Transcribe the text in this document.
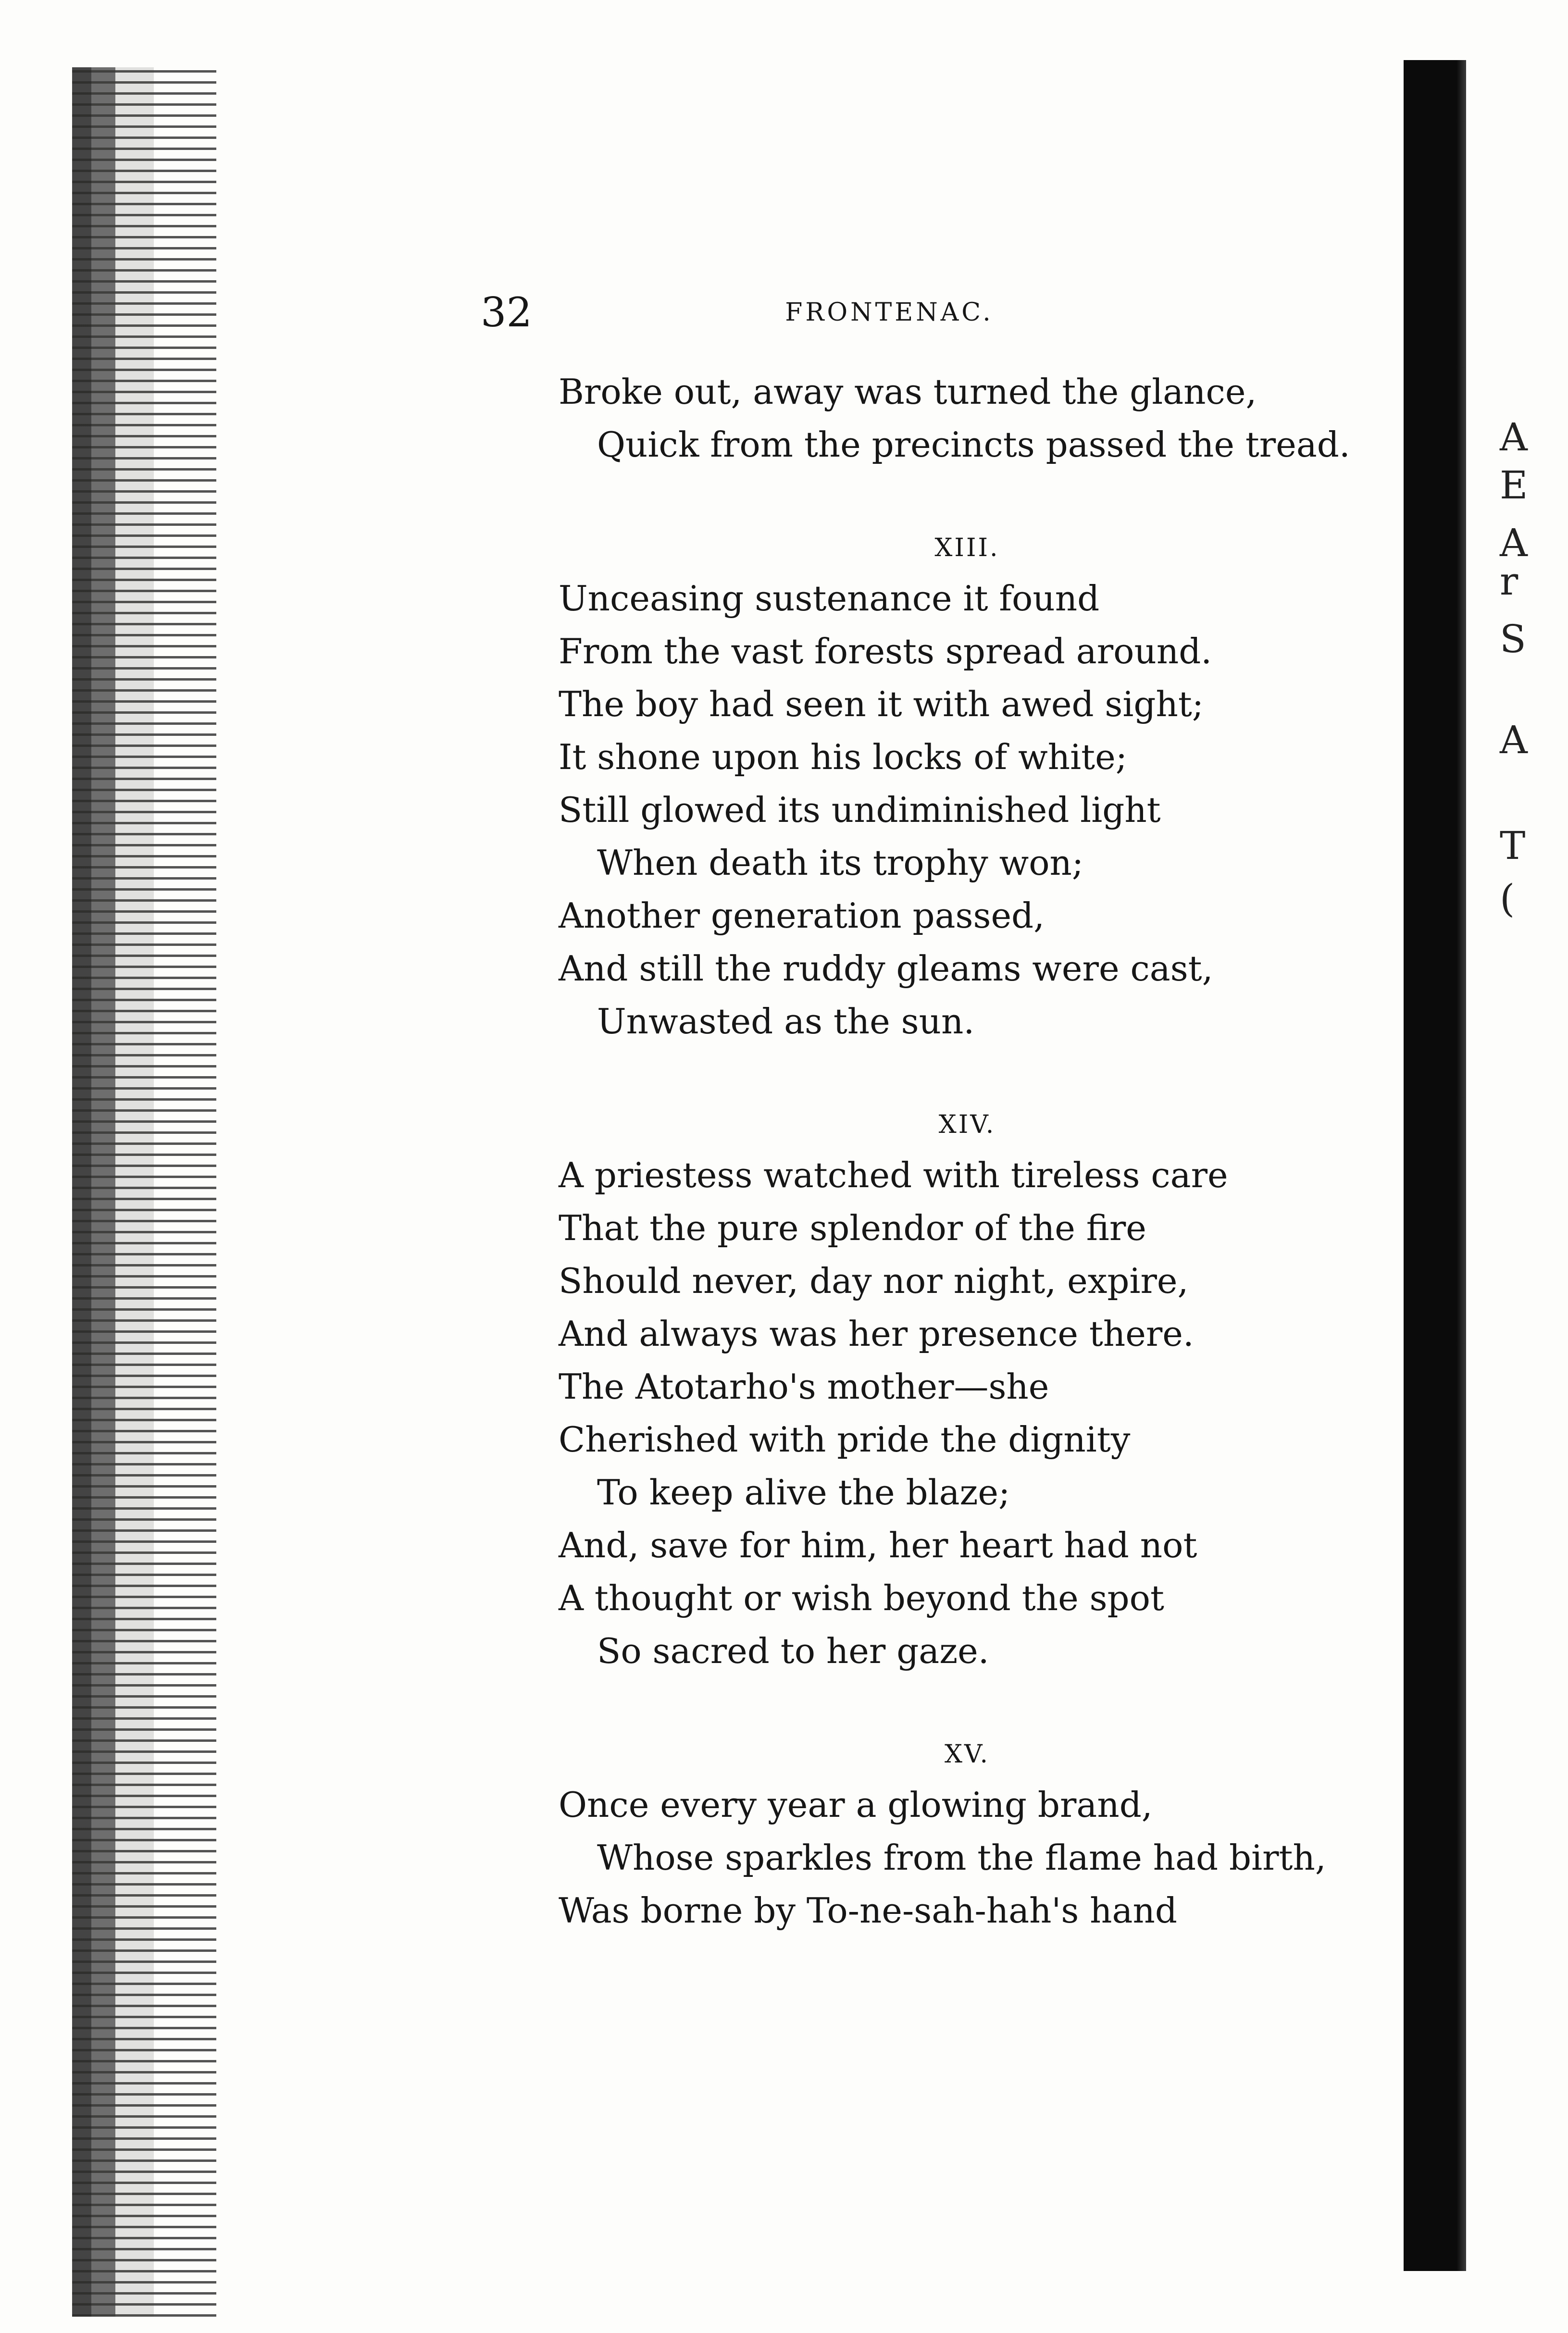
A
E
A
r
S
A
T
(
32	FRONTENAC.
Broke out, away was turned the glance,
Quick from the precincts passed the tread.
XIII.
Unceasing sustenance it found
From the vast forests spread around.
The boy had seen it with awed sight;
It shone upon his locks of white;
Still glowed its undiminished light
When death its trophy won;
Another generation passed,
And still the ruddy gleams were cast,
Unwasted as the sun.
XIV.
A priestess watched with tireless care
That the pure splendor of the fire
Should never, day nor night, expire,
And always was her presence there.
The Atotarho's mother—she
Cherished with pride the dignity
To keep alive the blaze;
And, save for him, her heart had not
A thought or wish beyond the spot
So sacred to her gaze.
XV.
Once every year a glowing brand,
Whose sparkles from the flame had birth,
Was borne by To-ne-sah-hah's hand
